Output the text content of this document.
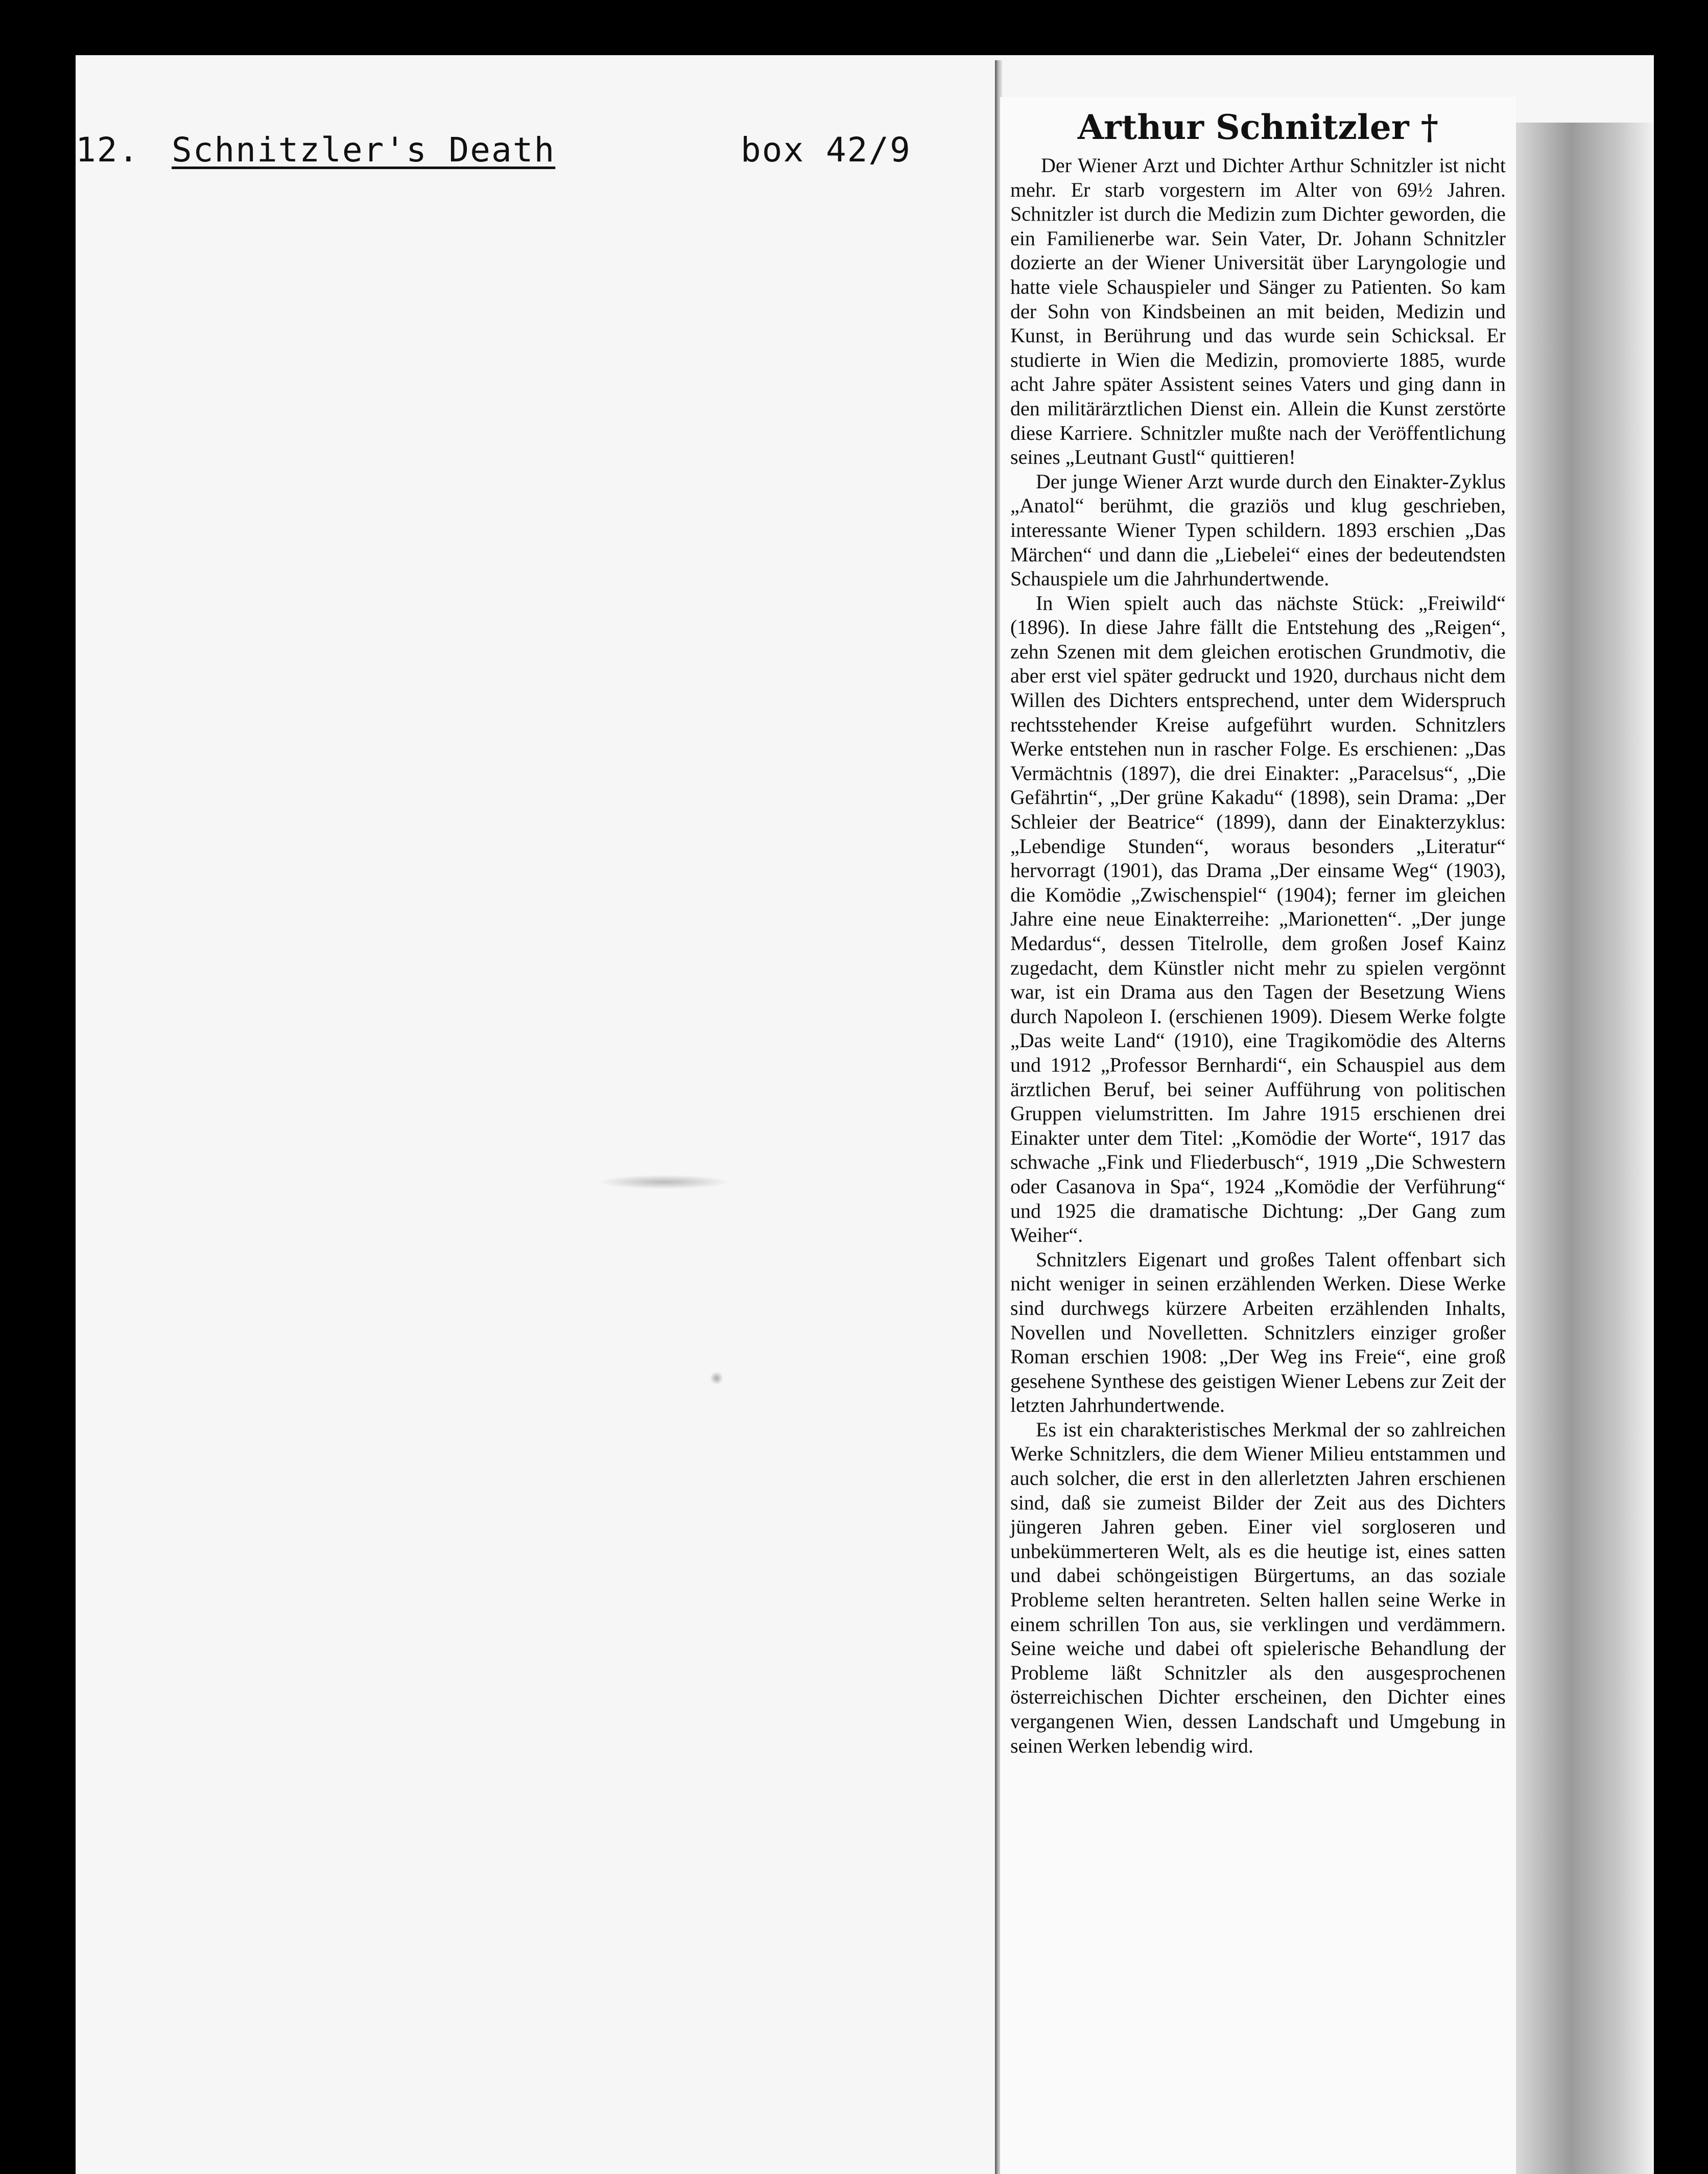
12.

Schnitzler's Death

	box 42/9

Arthur Schnitzler †

Der Wiener Arzt und Dichter Arthur Schnitzler ist nicht mehr. Er starb vorgestern im Alter von 69½ Jahren. Schnitzler ist durch die Medizin zum Dichter geworden, die ein Familienerbe war. Sein Vater, Dr. Johann Schnitzler dozierte an der Wiener Universität über Laryngologie und hatte viele Schauspieler und Sänger zu Patienten. So kam der Sohn von Kindsbeinen an mit beiden, Medizin und Kunst, in Berührung und das wurde sein Schicksal. Er studierte in Wien die Medizin, promovierte 1885, wurde acht Jahre später Assistent seines Vaters und ging dann in den militärärztlichen Dienst ein. Allein die Kunst zerstörte diese Karriere. Schnitzler mußte nach der Veröffentlichung seines „Leutnant Gustl“ quittieren!

Der junge Wiener Arzt wurde durch den Einakter-Zyklus „Anatol“ berühmt, die graziös und klug geschrieben, interessante Wiener Typen schildern. 1893 erschien „Das Märchen“ und dann die „Liebelei“ eines der bedeutendsten Schauspiele um die Jahrhundertwende.

In Wien spielt auch das nächste Stück: „Freiwild“ (1896). In diese Jahre fällt die Entstehung des „Reigen“, zehn Szenen mit dem gleichen erotischen Grundmotiv, die aber erst viel später gedruckt und 1920, durchaus nicht dem Willen des Dichters entsprechend, unter dem Widerspruch rechtsstehender Kreise aufgeführt wurden. Schnitzlers Werke entstehen nun in rascher Folge. Es erschienen: „Das Vermächtnis (1897), die drei Einakter: „Paracelsus“, „Die Gefährtin“, „Der grüne Kakadu“ (1898), sein Drama: „Der Schleier der Beatrice“ (1899), dann der Einakterzyklus: „Lebendige Stunden“, woraus besonders „Literatur“ hervorragt (1901), das Drama „Der einsame Weg“ (1903), die Komödie „Zwischenspiel“ (1904); ferner im gleichen Jahre eine neue Einakterreihe: „Marionetten“. „Der junge Medardus“, dessen Titelrolle, dem großen Josef Kainz zugedacht, dem Künstler nicht mehr zu spielen vergönnt war, ist ein Drama aus den Tagen der Besetzung Wiens durch Napoleon I. (erschienen 1909). Diesem Werke folgte „Das weite Land“ (1910), eine Tragikomödie des Alterns und 1912 „Professor Bernhardi“, ein Schauspiel aus dem ärztlichen Beruf, bei seiner Aufführung von politischen Gruppen vielumstritten. Im Jahre 1915 erschienen drei Einakter unter dem Titel: „Komödie der Worte“, 1917 das schwache „Fink und Fliederbusch“, 1919 „Die Schwestern oder Casanova in Spa“, 1924 „Komödie der Verführung“ und 1925 die dramatische Dichtung: „Der Gang zum Weiher“.

Schnitzlers Eigenart und großes Talent offenbart sich nicht weniger in seinen erzählenden Werken. Diese Werke sind durchwegs kürzere Arbeiten erzählenden Inhalts, Novellen und Novelletten. Schnitzlers einziger großer Roman erschien 1908: „Der Weg ins Freie“, eine groß gesehene Synthese des geistigen Wiener Lebens zur Zeit der letzten Jahrhundertwende.

Es ist ein charakteristisches Merkmal der so zahlreichen Werke Schnitzlers, die dem Wiener Milieu entstammen und auch solcher, die erst in den allerletzten Jahren erschienen sind, daß sie zumeist Bilder der Zeit aus des Dichters jüngeren Jahren geben. Einer viel sorgloseren und unbekümmerteren Welt, als es die heutige ist, eines satten und dabei schöngeistigen Bürgertums, an das soziale Probleme selten herantreten. Selten hallen seine Werke in einem schrillen Ton aus, sie verklingen und verdämmern. Seine weiche und dabei oft spielerische Behandlung der Probleme läßt Schnitzler als den ausgesprochenen österreichischen Dichter erscheinen, den Dichter eines vergangenen Wien, dessen Landschaft und Umgebung in seinen Werken lebendig wird.
